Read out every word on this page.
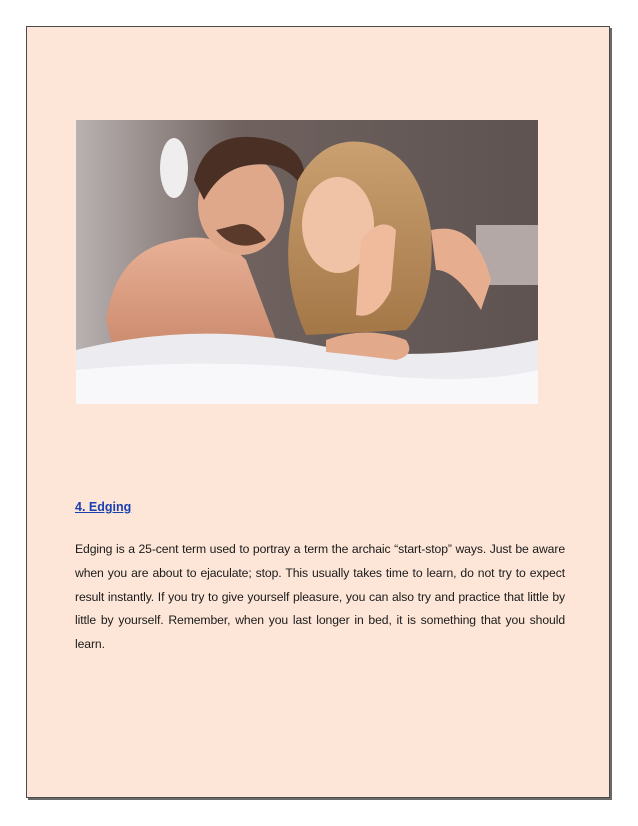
4. Edging
Edging is a 25-cent term used to portray a term the archaic “start-stop” ways. Just be aware when you are about to ejaculate; stop. This usually takes time to learn, do not try to expect result instantly. If you try to give yourself pleasure, you can also try and practice that little by little by yourself. Remember, when you last longer in bed, it is something that you should learn.
